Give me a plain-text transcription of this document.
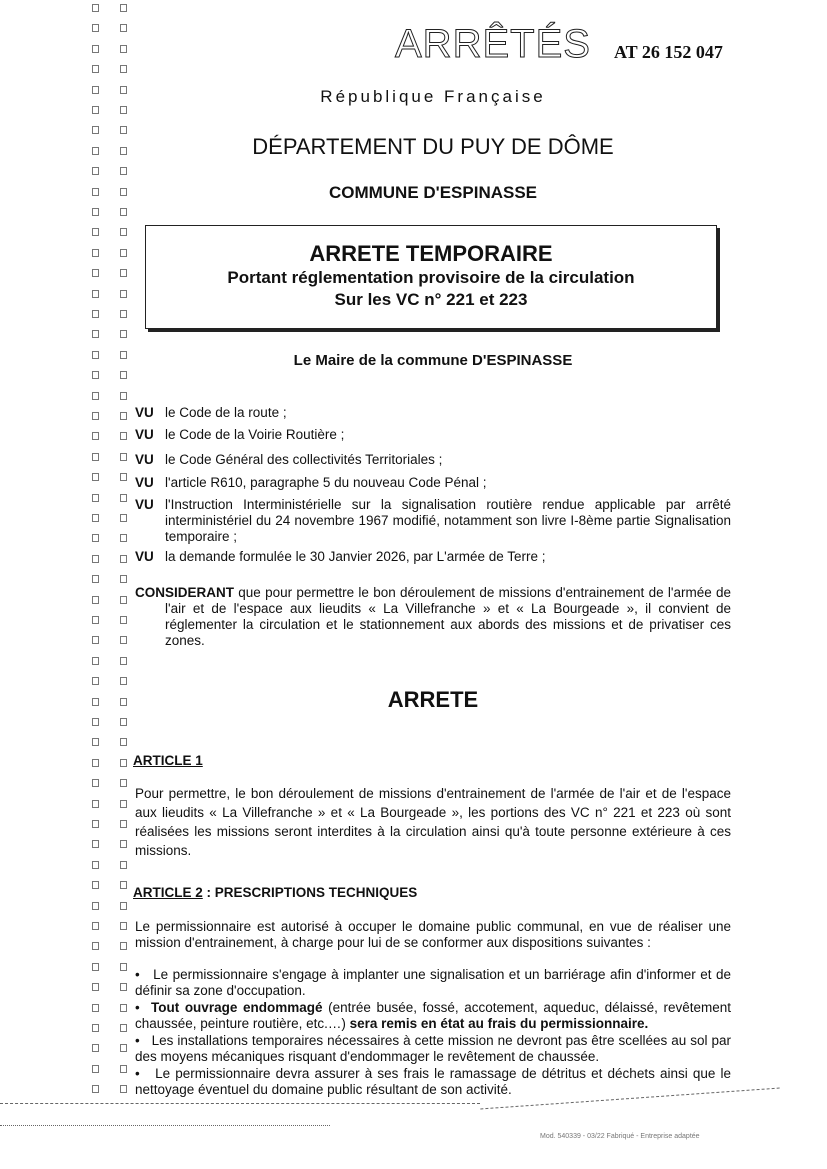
ARRÊTÉS AT 26 152 047
République Française
DÉPARTEMENT DU PUY DE DÔME
COMMUNE D'ESPINASSE
ARRETE TEMPORAIRE
Portant réglementation provisoire de la circulation
Sur les VC n° 221 et 223
Le Maire de la commune D'ESPINASSE
VU le Code de la route ;
VU le Code de la Voirie Routière ;
VU le Code Général des collectivités Territoriales ;
VU l'article R610, paragraphe 5 du nouveau Code Pénal ;
VU l'Instruction Interministérielle sur la signalisation routière rendue applicable par arrêté interministériel du 24 novembre 1967 modifié, notamment son livre I-8ème partie Signalisation temporaire ;
VU la demande formulée le 30 Janvier 2026, par L'armée de Terre ;
CONSIDERANT que pour permettre le bon déroulement de missions d'entrainement de l'armée de l'air et de l'espace aux lieudits « La Villefranche » et « La Bourgeade », il convient de réglementer la circulation et le stationnement aux abords des missions et de privatiser ces zones.
ARRETE
ARTICLE 1
Pour permettre, le bon déroulement de missions d'entrainement de l'armée de l'air et de l'espace aux lieudits « La Villefranche » et « La Bourgeade », les portions des VC n° 221 et 223 où sont réalisées les missions seront interdites à la circulation ainsi qu'à toute personne extérieure à ces missions.
ARTICLE 2 : PRESCRIPTIONS TECHNIQUES
Le permissionnaire est autorisé à occuper le domaine public communal, en vue de réaliser une mission d'entrainement, à charge pour lui de se conformer aux dispositions suivantes :
•   Le permissionnaire s'engage à implanter une signalisation et un barriérage afin d'informer et de définir sa zone d'occupation.
•  Tout ouvrage endommagé (entrée busée, fossé, accotement, aqueduc, délaissé, revêtement chaussée, peinture routière, etc.…) sera remis en état au frais du permissionnaire.
•   Les installations temporaires nécessaires à cette mission ne devront pas être scellées au sol par des moyens mécaniques risquant d'endommager le revêtement de chaussée.
•   Le permissionnaire devra assurer à ses frais le ramassage de détritus et déchets ainsi que le nettoyage éventuel du domaine public résultant de son activité.
Mod. 540339 - 03/22 Fabriqué - Entreprise adaptée
